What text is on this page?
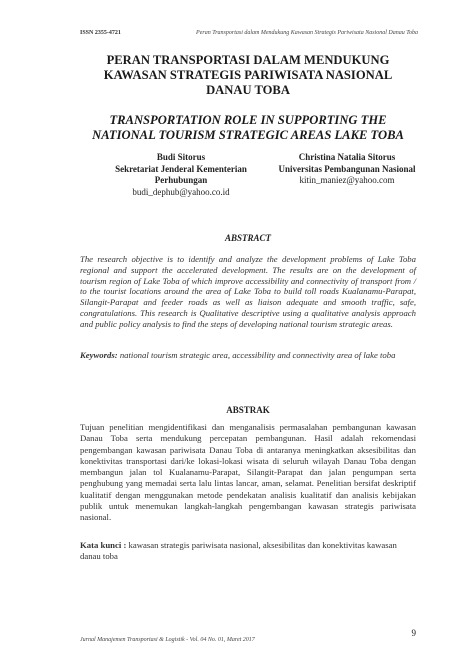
ISSN 2355-4721	Peran Transportasi dalam Mendukung Kawasan Strategis Pariwisata Nasional Danau Toba
PERAN TRANSPORTASI DALAM MENDUKUNG
KAWASAN STRATEGIS PARIWISATA NASIONAL
DANAU TOBA
TRANSPORTATION ROLE IN SUPPORTING THE
NATIONAL TOURISM STRATEGIC AREAS LAKE TOBA
Budi Sitorus
Sekretariat Jenderal Kementerian
Perhubungan
budi_dephub@yahoo.co.id
Christina Natalia Sitorus
Universitas Pembangunan Nasional
kitin_maniez@yahoo.com
ABSTRACT
The research objective is to identify and analyze the development problems of Lake Toba regional and support the accelerated development. The results are on the development of tourism region of Lake Toba of which improve accessibility and connectivity of transport from / to the tourist locations around the area of Lake Toba to build toll roads Kualanamu-Parapat, Silangit-Parapat and feeder roads as well as liaison adequate and smooth traffic, safe, congratulations. This research is Qualitative descriptive using a qualitative analysis approach and public policy analysis to find the steps of developing national tourism strategic areas.
Keywords: national tourism strategic area, accessibility and connectivity area of lake toba
ABSTRAK
Tujuan penelitian mengidentifikasi dan menganalisis permasalahan pembangunan kawasan Danau Toba serta mendukung percepatan pembangunan. Hasil adalah rekomendasi pengembangan kawasan pariwisata Danau Toba di antaranya meningkatkan aksesibilitas dan konektivitas transportasi dari/ke lokasi-lokasi wisata di seluruh wilayah Danau Toba dengan membangun jalan tol Kualanamu-Parapat, Silangit-Parapat dan jalan pengumpan serta penghubung yang memadai serta lalu lintas lancar, aman, selamat. Penelitian bersifat deskriptif kualitatif dengan menggunakan metode pendekatan analisis kualitatif dan analisis kebijakan publik untuk menemukan langkah-langkah pengembangan kawasan strategis pariwisata nasional.
Kata kunci : kawasan strategis pariwisata nasional, aksesibilitas dan konektivitas kawasan danau toba
9
Jurnal Manajemen Transportasi & Logistik - Vol. 04 No. 01, Maret 2017
